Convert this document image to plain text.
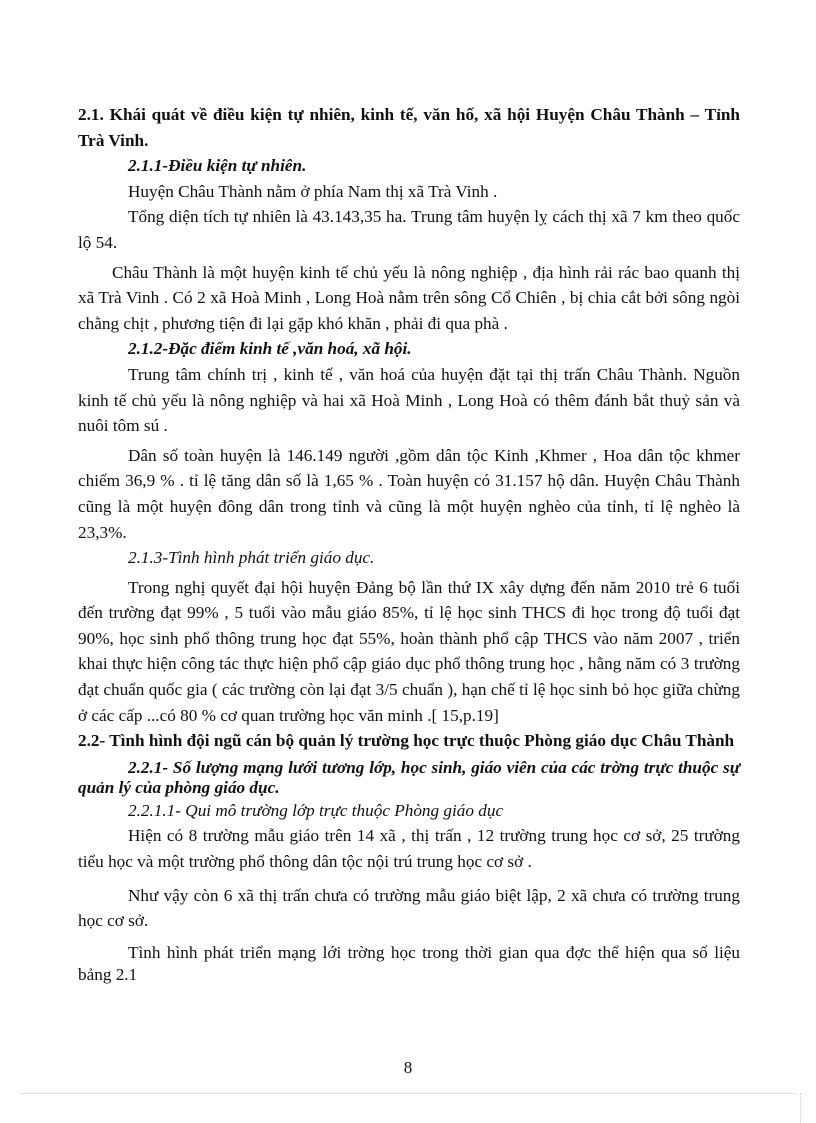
2.1. Khái quát về điều kiện tự nhiên, kinh tế, văn hố, xã hội Huyện Châu Thành – Tỉnh Trà Vinh.

2.1.1-Điều kiện tự nhiên.

Huyện Châu Thành nằm ở phía Nam thị xã Trà Vinh .

Tổng diện tích tự nhiên là 43.143,35 ha. Trung tâm huyện lỵ cách thị xã 7 km theo quốc lộ 54.

Châu Thành là một huyện kinh tế chủ yếu là nông nghiệp , địa hình rải rác bao quanh thị xã Trà Vinh . Có 2 xã Hoà Minh , Long Hoà nằm trên sông Cổ Chiên , bị chia cắt bởi sông ngòi chằng chịt , phương tiện đi lại gặp khó khăn , phải đi qua phà .

2.1.2-Đặc điểm kinh tế ,văn hoá, xã hội.

Trung tâm chính trị , kinh tế , văn hoá của huyện đặt tại thị trấn Châu Thành. Nguồn kinh tế chủ yếu là nông nghiệp và hai xã Hoà Minh , Long Hoà có thêm đánh bắt thuỷ sản và nuôi tôm sú .

Dân số toàn huyện là 146.149 người ,gồm dân tộc Kinh ,Khmer , Hoa dân tộc khmer chiếm 36,9 % . tỉ lệ tăng dân số là 1,65 % . Toàn huyện có 31.157 hộ dân. Huyện Châu Thành cũng là một huyện đông dân trong tỉnh và cũng là một huyện nghèo của tỉnh, tỉ lệ nghèo là 23,3%.

2.1.3-Tình hình phát triển giáo dục.

Trong nghị quyết đại hội huyện Đảng bộ lần thứ IX xây dựng đến năm 2010 trẻ 6 tuổi đến trường đạt 99% , 5 tuổi vào mẫu giáo 85%, tỉ lệ học sinh THCS đi học trong độ tuổi đạt 90%, học sinh phổ thông trung học đạt 55%, hoàn thành phổ cập THCS vào năm 2007 , triển khai thực hiện công tác thực hiện phổ cập giáo dục phổ thông trung học , hằng năm có 3 trường đạt chuẩn quốc gia ( các trường còn lại đạt 3/5 chuẩn ), hạn chế tỉ lệ học sinh bỏ học giữa chừng ở các cấp ...có 80 % cơ quan trường học văn minh .[ 15,p.19]

2.2- Tình hình đội ngũ cán bộ quản lý trường học trực thuộc Phòng giáo dục Châu Thành

2.2.1- Số lượng mạng lưới tương lớp, học sinh, giáo viên của các trờng trực thuộc sự quản lý của phòng giáo dục.

2.2.1.1- Qui mô trường lớp trực thuộc Phòng giáo dục

Hiện có 8 trường mẫu giáo trên 14 xã , thị trấn , 12 trường trung học cơ sở, 25 trường tiểu học và một trường phổ thông dân tộc nội trú trung học cơ sở .

Như vậy còn 6 xã thị trấn chưa có trường mẫu giáo biệt lập, 2 xã chưa có trường trung học cơ sở.

Tình hình phát triển mạng lới trờng học trong thời gian qua đợc thể hiện qua số liệu bảng 2.1

8
